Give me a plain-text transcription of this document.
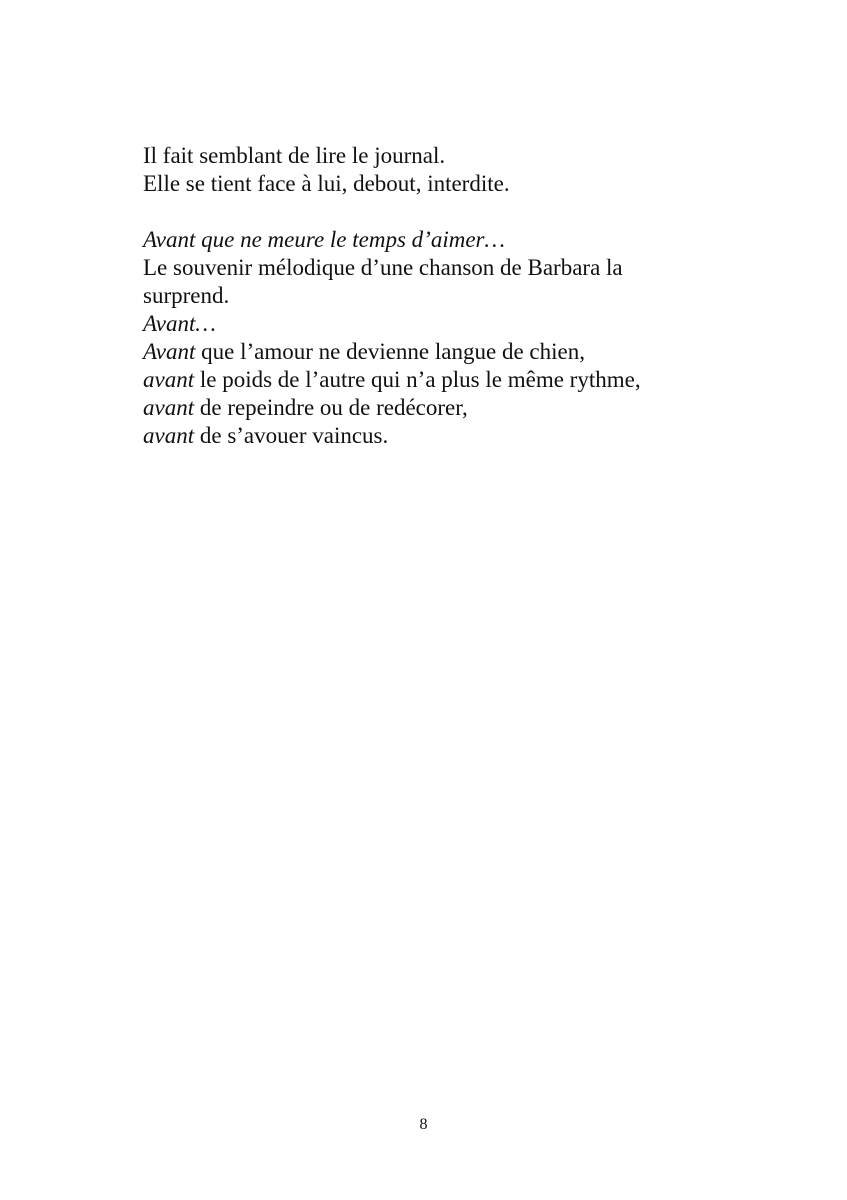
Il fait semblant de lire le journal.
Elle se tient face à lui, debout, interdite.
Avant que ne meure le temps d’aimer…
Le souvenir mélodique d’une chanson de Barbara la
surprend.
Avant…
Avant que l’amour ne devienne langue de chien,
avant le poids de l’autre qui n’a plus le même rythme,
avant de repeindre ou de redécorer,
avant de s’avouer vaincus.
8
